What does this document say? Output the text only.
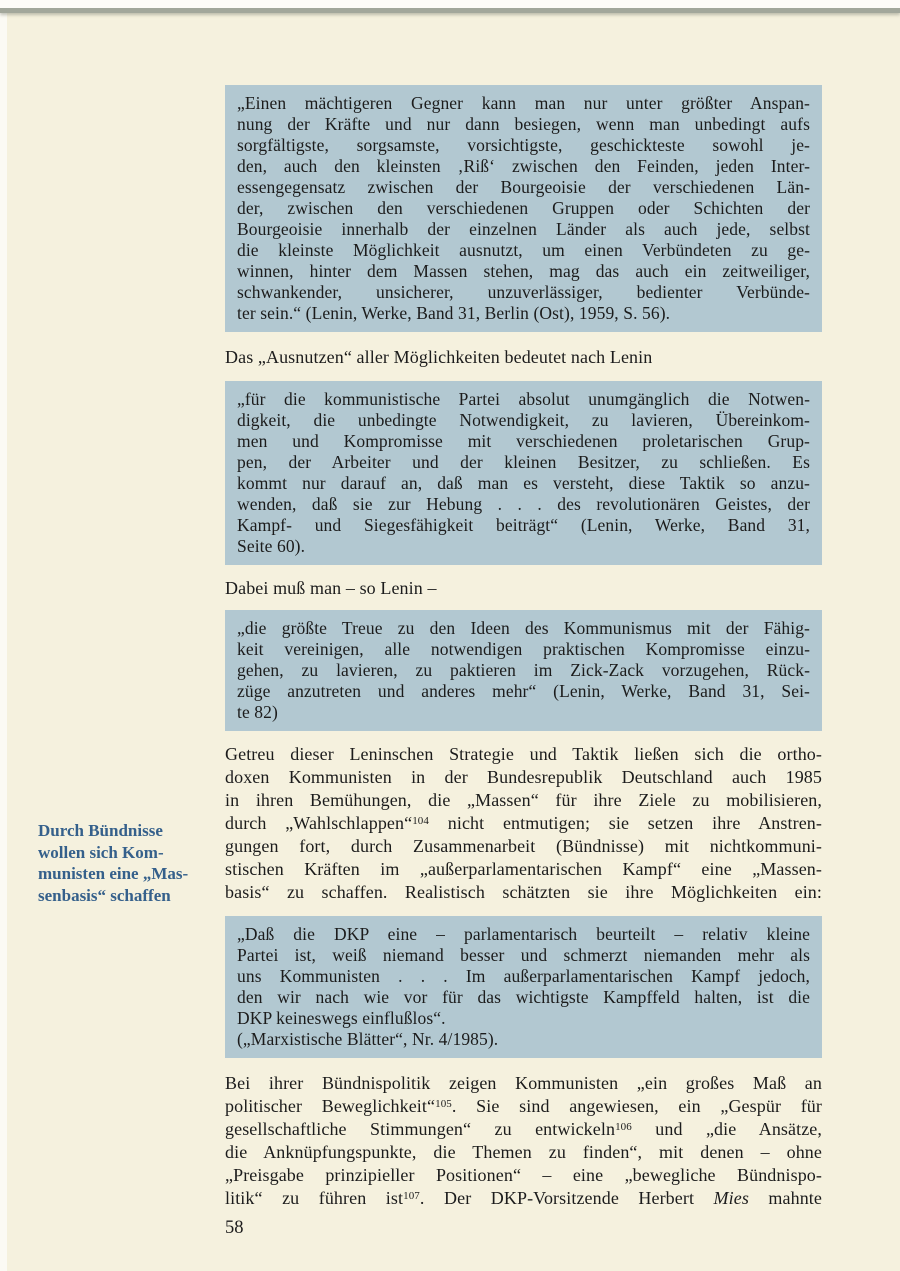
Durch Bündnisse
wollen sich Kom-
munisten eine „Mas-
senbasis“ schaffen
„Einen mächtigeren Gegner kann man nur unter größter Anspan-
nung der Kräfte und nur dann besiegen, wenn man unbedingt aufs
sorgfältigste, sorgsamste, vorsichtigste, geschickteste sowohl je-
den, auch den kleinsten ‚Riß‘ zwischen den Feinden, jeden Inter-
essengegensatz zwischen der Bourgeoisie der verschiedenen Län-
der, zwischen den verschiedenen Gruppen oder Schichten der
Bourgeoisie innerhalb der einzelnen Länder als auch jede, selbst
die kleinste Möglichkeit ausnutzt, um einen Verbündeten zu ge-
winnen, hinter dem Massen stehen, mag das auch ein zeitweiliger,
schwankender, unsicherer, unzuverlässiger, bedienter Verbünde-
ter sein.“ (Lenin, Werke, Band 31, Berlin (Ost), 1959, S. 56).

Das „Ausnutzen“ aller Möglichkeiten bedeutet nach Lenin

„für die kommunistische Partei absolut unumgänglich die Notwen-
digkeit, die unbedingte Notwendigkeit, zu lavieren, Übereinkom-
men und Kompromisse mit verschiedenen proletarischen Grup-
pen, der Arbeiter und der kleinen Besitzer, zu schließen. Es
kommt nur darauf an, daß man es versteht, diese Taktik so anzu-
wenden, daß sie zur Hebung . . . des revolutionären Geistes, der
Kampf- und Siegesfähigkeit beiträgt“ (Lenin, Werke, Band 31,
Seite 60).

Dabei muß man – so Lenin –

„die größte Treue zu den Ideen des Kommunismus mit der Fähig-
keit vereinigen, alle notwendigen praktischen Kompromisse einzu-
gehen, zu lavieren, zu paktieren im Zick-Zack vorzugehen, Rück-
züge anzutreten und anderes mehr“ (Lenin, Werke, Band 31, Sei-
te 82)

Getreu dieser Leninschen Strategie und Taktik ließen sich die ortho-
doxen Kommunisten in der Bundesrepublik Deutschland auch 1985
in ihren Bemühungen, die „Massen“ für ihre Ziele zu mobilisieren,
durch „Wahlschlappen“$^{104}$ nicht entmutigen; sie setzen ihre Anstren-
gungen fort, durch Zusammenarbeit (Bündnisse) mit nichtkommuni-
stischen Kräften im „außerparlamentarischen Kampf“ eine „Massen-
basis“ zu schaffen. Realistisch schätzten sie ihre Möglichkeiten ein:

„Daß die DKP eine – parlamentarisch beurteilt – relativ kleine
Partei ist, weiß niemand besser und schmerzt niemanden mehr als
uns Kommunisten . . . Im außerparlamentarischen Kampf jedoch,
den wir nach wie vor für das wichtigste Kampffeld halten, ist die
DKP keineswegs einflußlos“.
(„Marxistische Blätter“, Nr. 4/1985).

Bei ihrer Bündnispolitik zeigen Kommunisten „ein großes Maß an
politischer Beweglichkeit“$^{105}$. Sie sind angewiesen, ein „Gespür für
gesellschaftliche Stimmungen“ zu entwickeln$^{106}$ und „die Ansätze,
die Anknüpfungspunkte, die Themen zu finden“, mit denen – ohne
„Preisgabe prinzipieller Positionen“ – eine „bewegliche Bündnispo-
litik“ zu führen ist$^{107}$. Der DKP-Vorsitzende Herbert Mies mahnte

58
